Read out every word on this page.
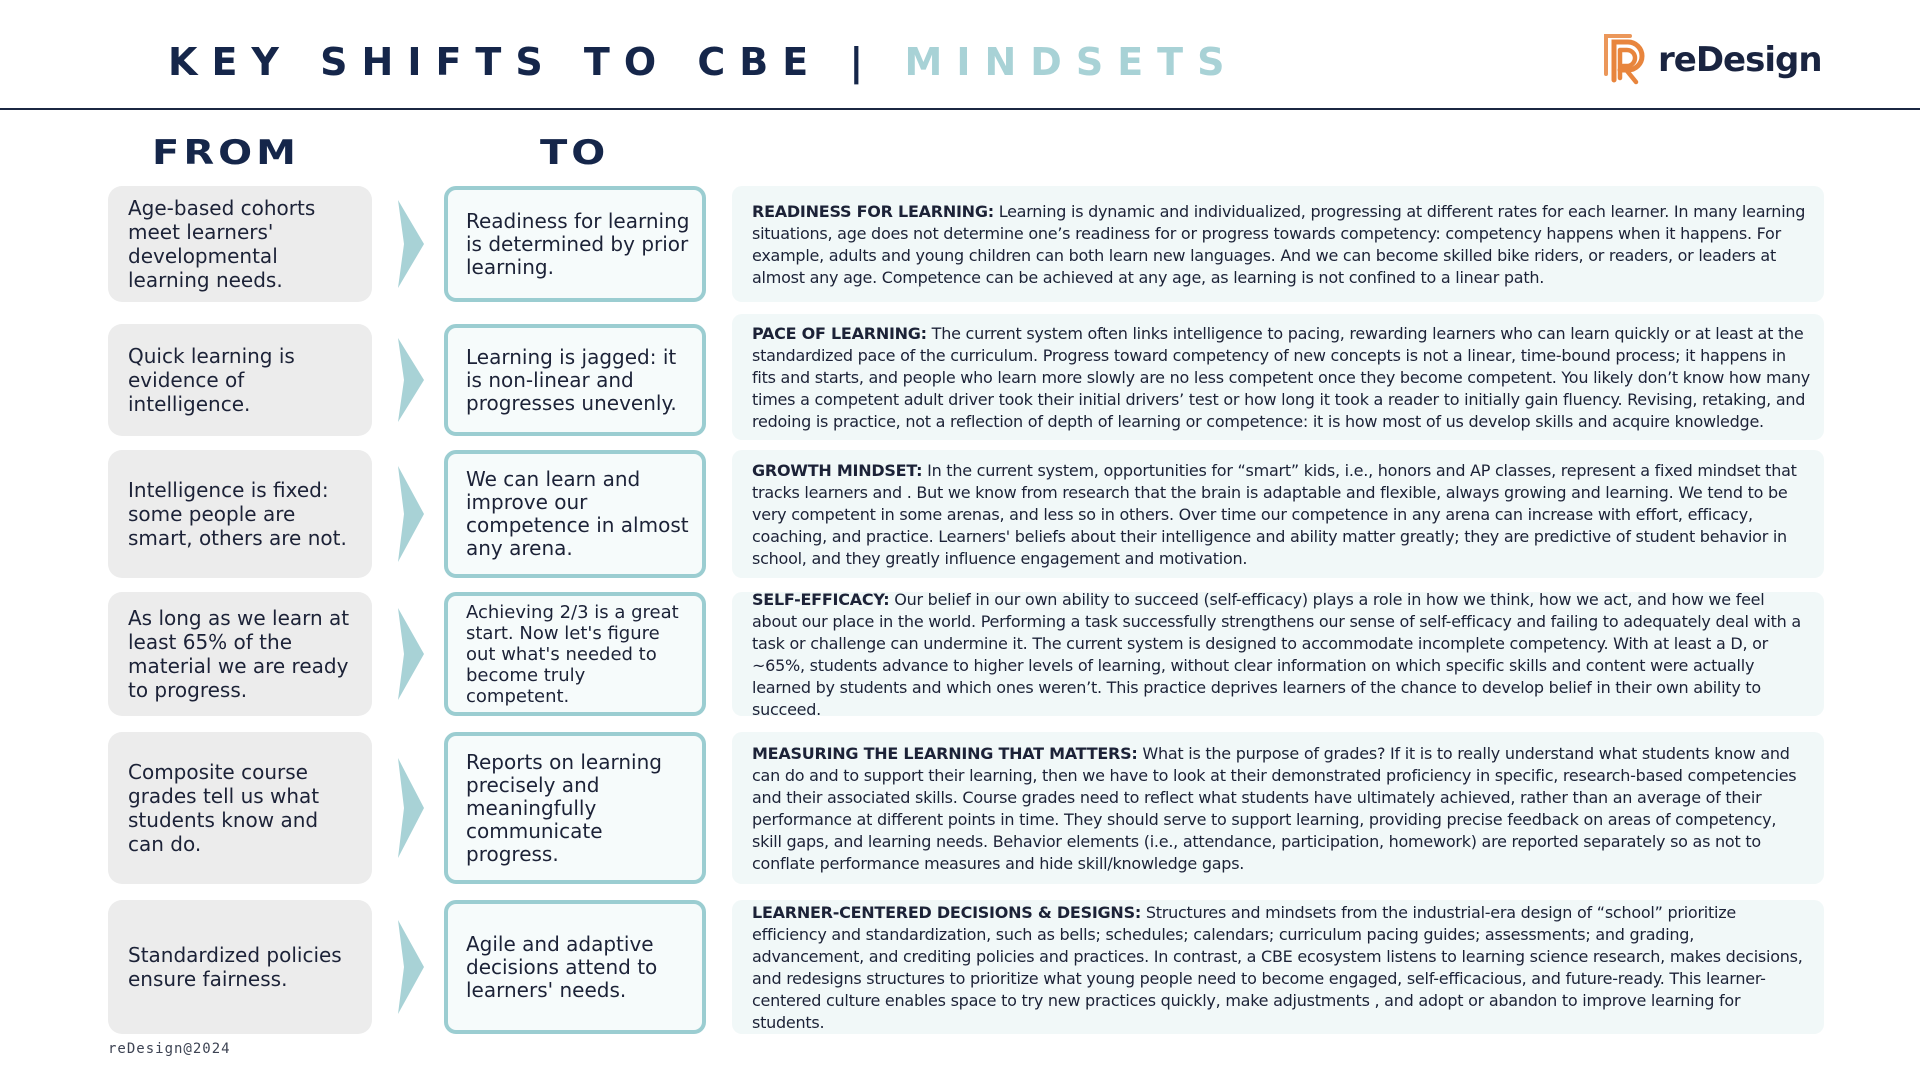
KEY SHIFTS TO CBE | MINDSETS	reDesign
FROM	TO
Age-based cohorts meet learners' developmental learning needs.
Readiness for learning is determined by prior learning.

READINESS FOR LEARNING: Learning is dynamic and individualized, progressing at different rates for each learner. In many learning situations, age does not determine one’s readiness for or progress towards competency: competency happens when it happens. For example, adults and young children can both learn new languages. And we can become skilled bike riders, or readers, or leaders at almost any age. Competence can be achieved at any age, as learning is not confined to a linear path.

Quick learning is evidence of intelligence.
Learning is jagged: it is non-linear and progresses unevenly.

PACE OF LEARNING: The current system often links intelligence to pacing, rewarding learners who can learn quickly or at least at the standardized pace of the curriculum. Progress toward competency of new concepts is not a linear, time-bound process; it happens in fits and starts, and people who learn more slowly are no less competent once they become competent. You likely don’t know how many times a competent adult driver took their initial drivers’ test or how long it took a reader to initially gain fluency. Revising, retaking, and redoing is practice, not a reflection of depth of learning or competence: it is how most of us develop skills and acquire knowledge.

Intelligence is fixed: some people are smart, others are not.
We can learn and improve our competence in almost any arena.

GROWTH MINDSET: In the current system, opportunities for “smart” kids, i.e., honors and AP classes, represent a fixed mindset that tracks learners and . But we know from research that the brain is adaptable and flexible, always growing and learning. We tend to be very competent in some arenas, and less so in others. Over time our competence in any arena can increase with effort, efficacy, coaching, and practice. Learners' beliefs about their intelligence and ability matter greatly; they are predictive of student behavior in school, and they greatly influence engagement and motivation.

As long as we learn at least 65% of the material we are ready to progress.
Achieving 2/3 is a great start. Now let's figure out what's needed to become truly competent.

SELF-EFFICACY: Our belief in our own ability to succeed (self-efficacy) plays a role in how we think, how we act, and how we feel about our place in the world. Performing a task successfully strengthens our sense of self-efficacy and failing to adequately deal with a task or challenge can undermine it. The current system is designed to accommodate incomplete competency. With at least a D, or ~65%, students advance to higher levels of learning, without clear information on which specific skills and content were actually learned by students and which ones weren’t. This practice deprives learners of the chance to develop belief in their own ability to succeed.

Composite course grades tell us what students know and can do.
Reports on learning precisely and meaningfully communicate progress.

MEASURING THE LEARNING THAT MATTERS: What is the purpose of grades? If it is to really understand what students know and can do and to support their learning, then we have to look at their demonstrated proficiency in specific, research-based competencies and their associated skills. Course grades need to reflect what students have ultimately achieved, rather than an average of their performance at different points in time. They should serve to support learning, providing precise feedback on areas of competency, skill gaps, and learning needs. Behavior elements (i.e., attendance, participation, homework) are reported separately so as not to conflate performance measures and hide skill/knowledge gaps.

Standardized policies ensure fairness.
Agile and adaptive decisions attend to learners' needs.

LEARNER-CENTERED DECISIONS & DESIGNS: Structures and mindsets from the industrial-era design of “school” prioritize efficiency and standardization, such as bells; schedules; calendars; curriculum pacing guides; assessments; and grading, advancement, and crediting policies and practices. In contrast, a CBE ecosystem listens to learning science research, makes decisions, and redesigns structures to prioritize what young people need to become engaged, self-efficacious, and future-ready. This learner-centered culture enables space to try new practices quickly, make adjustments , and adopt or abandon to improve learning for students.

reDesign@2024
